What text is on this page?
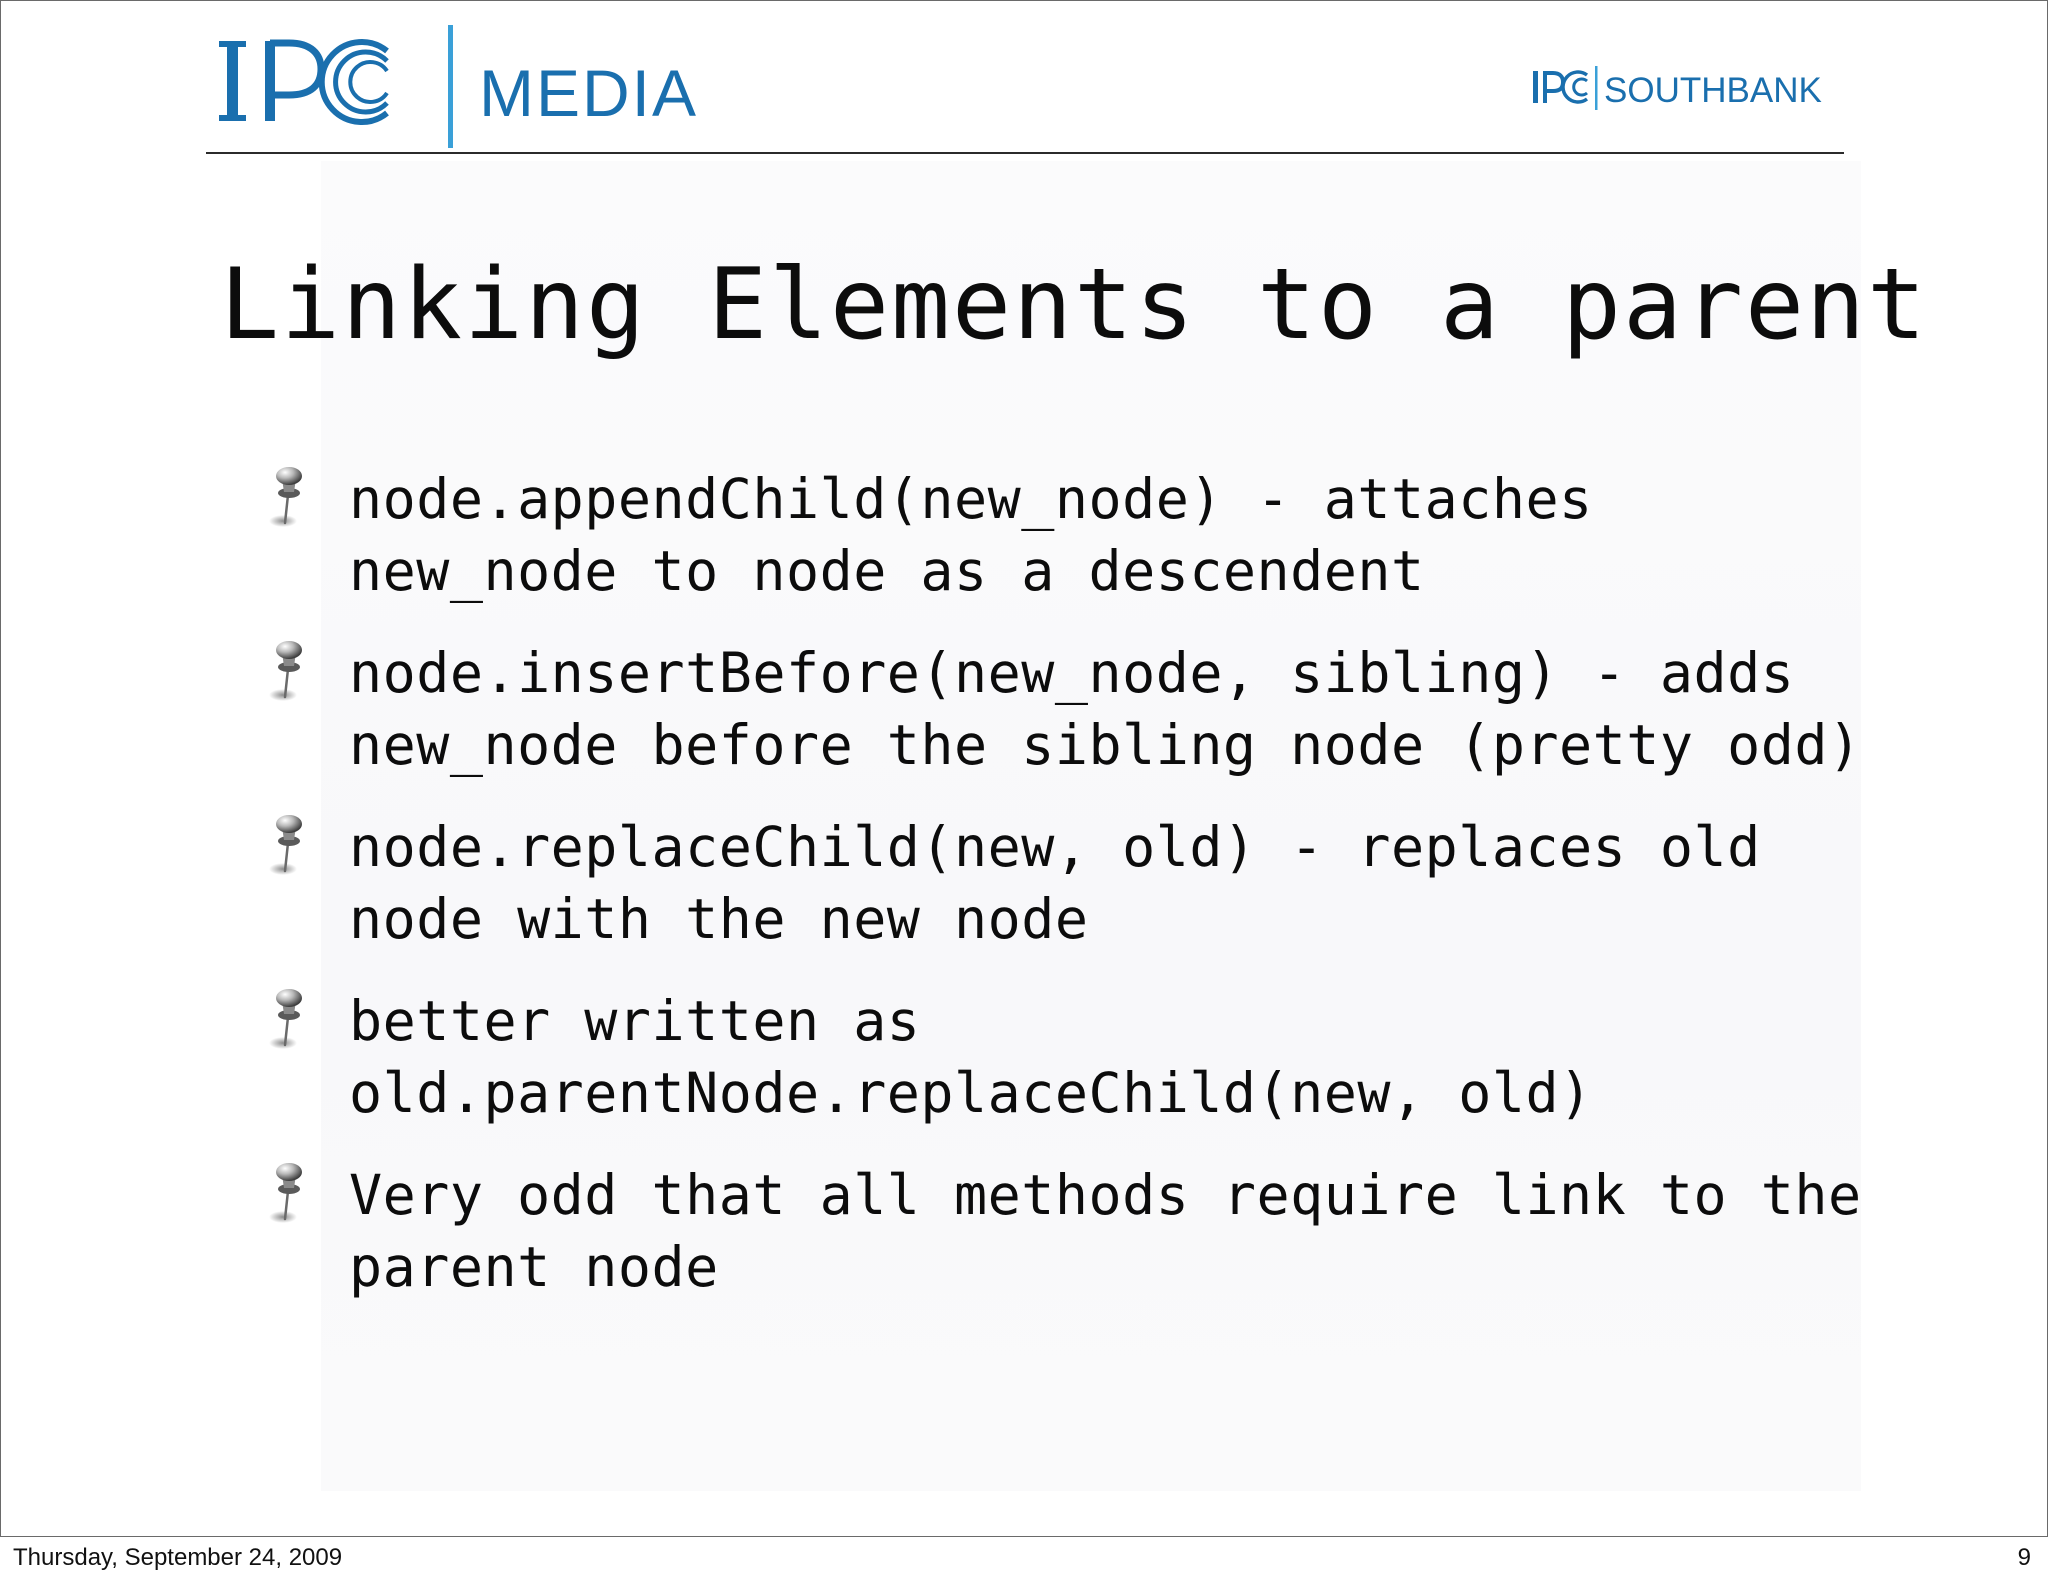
MEDIA	SOUTHBANK
Linking Elements to a parent
node.appendChild(new_node) - attaches
new_node to node as a descendent
node.insertBefore(new_node, sibling) - adds
new_node before the sibling node (pretty odd)
node.replaceChild(new, old) - replaces old
node with the new node
better written as
old.parentNode.replaceChild(new, old)
Very odd that all methods require link to the
parent node
Thursday, September 24, 2009	9
